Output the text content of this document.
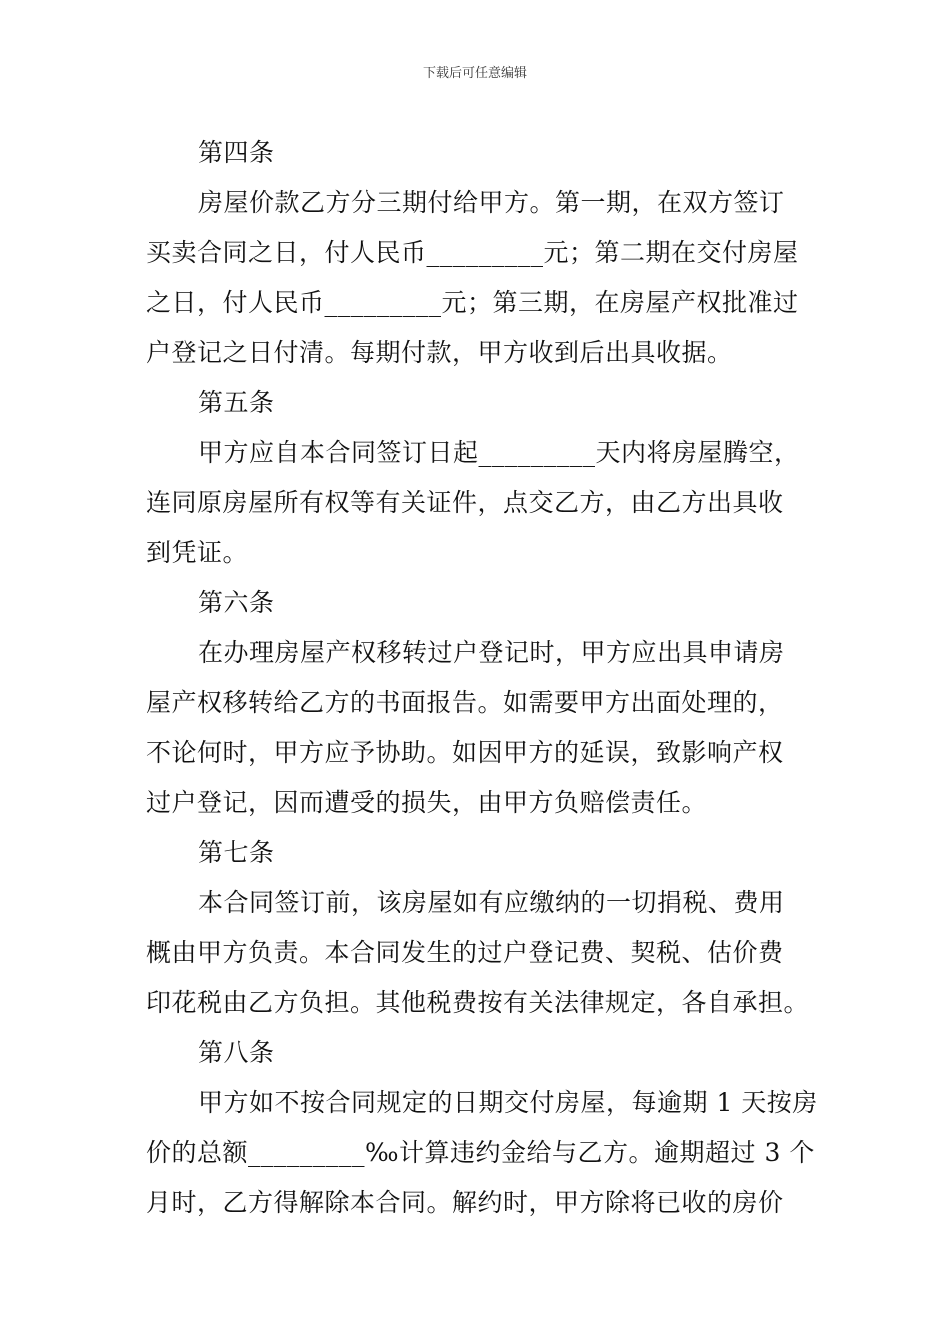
下载后可任意编辑
第四条
房屋价款乙方分三期付给甲方。第一期，在双方签订
买卖合同之日，付人民币_________元；第二期在交付房屋
之日，付人民币_________元；第三期，在房屋产权批准过
户登记之日付清。每期付款，甲方收到后出具收据。
第五条
甲方应自本合同签订日起_________天内将房屋腾空，
连同原房屋所有权等有关证件，点交乙方，由乙方出具收
到凭证。
第六条
在办理房屋产权移转过户登记时，甲方应出具申请房
屋产权移转给乙方的书面报告。如需要甲方出面处理的，
不论何时，甲方应予协助。如因甲方的延误，致影响产权
过户登记，因而遭受的损失，由甲方负赔偿责任。
第七条
本合同签订前，该房屋如有应缴纳的一切捐税、费用
概由甲方负责。本合同发生的过户登记费、契税、估价费
印花税由乙方负担。其他税费按有关法律规定，各自承担。
第八条
甲方如不按合同规定的日期交付房屋，每逾期 1 天按房
价的总额_________‰计算违约金给与乙方。逾期超过 3 个
月时，乙方得解除本合同。解约时，甲方除将已收的房价
